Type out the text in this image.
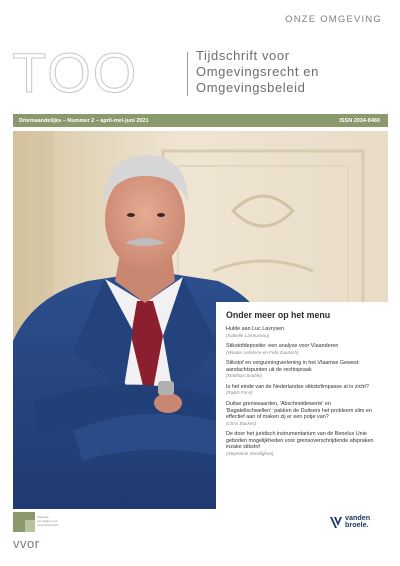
ONZE OMGEVING
TOO	Tijdschrift voor
Omgevingsrecht en
Omgevingsbeleid
Driemaandelijks – Nummer 2 – april-mei-juni 2021	ISSN 2034-8460
Onder meer op het menu
Hulde aan Luc Lavrysen
(Isabelle Larmuseau)
Stikstofdepositie: een analyse voor Vlaanderen
(Wouter Lefebvre en Felix Deutsch)
Stikstof en vergunningverlening in het Vlaamse Gewest: aandachtspunten uit de rechtspraak
(Matthias Snoble)
Is het einde van de Nederlandse stikstofimpasse al in zicht?
(Ralph Frins)
Duitse grenswaarden, 'Abschneidewerte' en 'Bagatellschwellen': pakken de Duitsers het probleem slim en effectief aan of maken zij er een potje van?
(Chris Backes)
De door het juridisch instrumentarium van de Benelux Unie geboden mogelijkheden voor grensoverschrijdende afspraken inzake stikstof
(Stephanie Verwilghen)
Vlaamse
vereniging voor
omgevingsrecht
vvor
vanden
broele.
